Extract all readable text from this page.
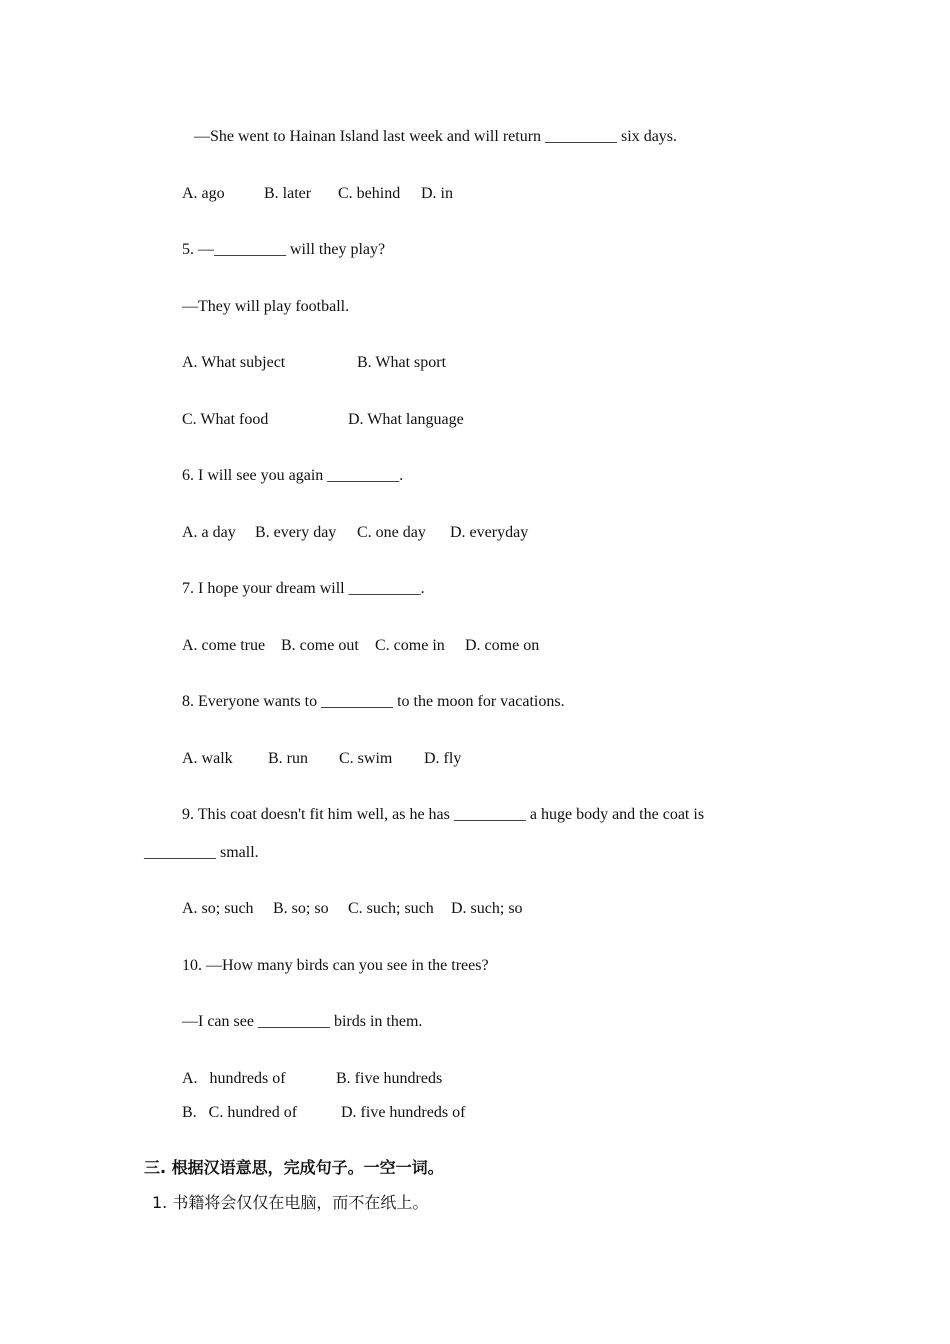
—She went to Hainan Island last week and will return _________ six days.
A. ago B. later C. behind D. in
5. —_________ will they play?
—They will play football.
A. What subject	B. What sport
C. What food	D. What language
6. I will see you again _________.
A. a day B. every day C. one day D. everyday
7. I hope your dream will _________.
A. come true B. come out C. come in D. come on
8. Everyone wants to _________ to the moon for vacations.
A. walk B. run C. swim D. fly
9. This coat doesn't fit him well, as he has _________ a huge body and the coat is
_________ small.
A. so; such B. so; so C. such; such D. such; so
10. —How many birds can you see in the trees?
—I can see _________ birds in them.
A.   hundreds of	B. five hundreds
B.   C. hundred of	D. five hundreds of
三. 根据汉语意思，完成句子。一空一词。
1. 书籍将会仅仅在电脑，而不在纸上。
